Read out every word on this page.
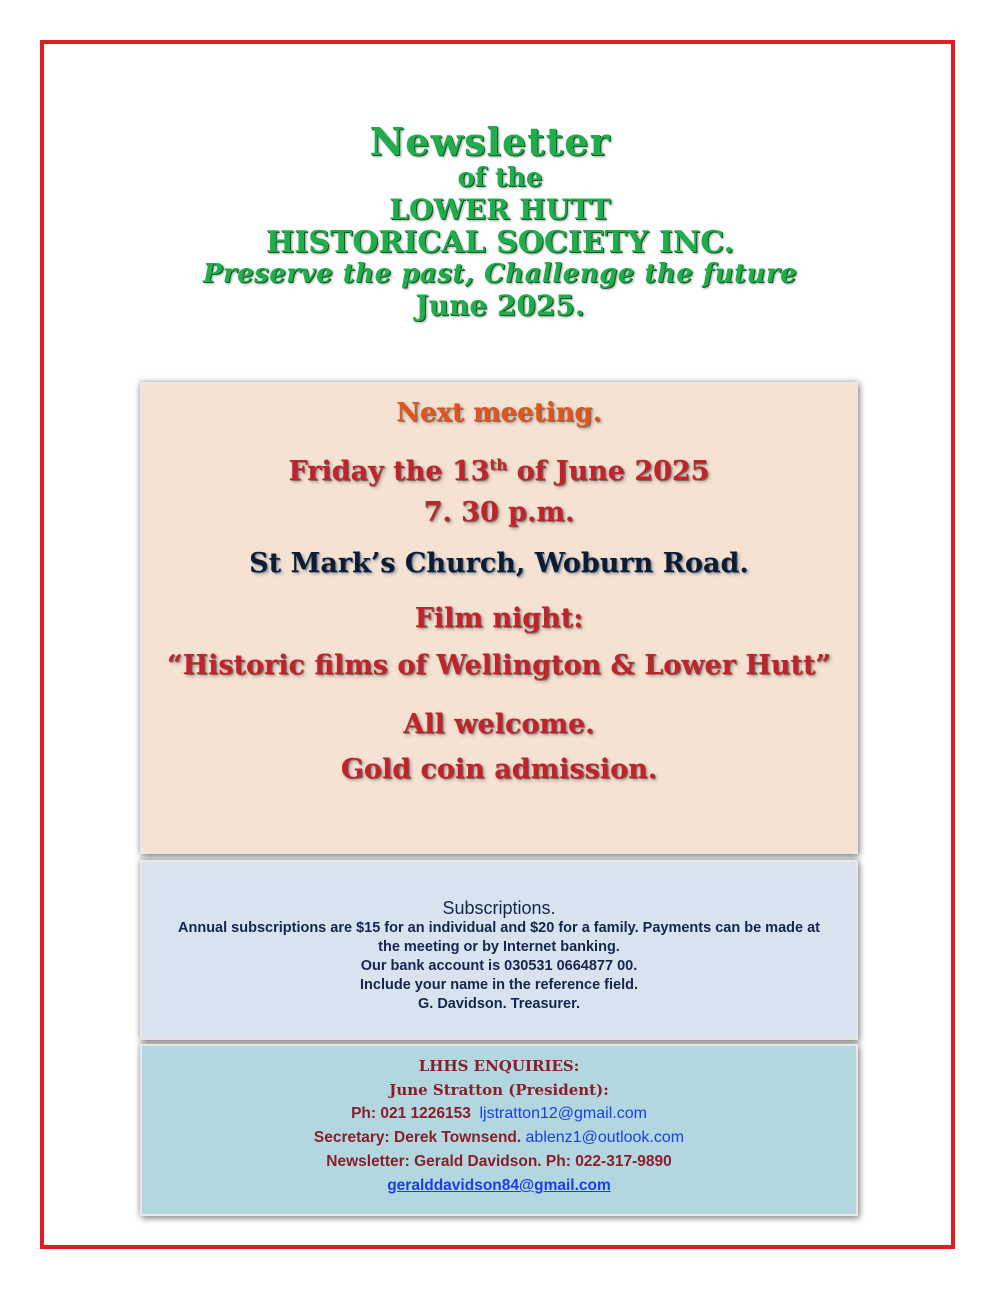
Newsletter

of the

LOWER HUTT

HISTORICAL SOCIETY INC.

Preserve the past, Challenge the future

June 2025.

Next meeting.

Friday the 13th of June 2025

7. 30 p.m.

St Mark’s Church, Woburn Road.

Film night:

“Historic films of Wellington & Lower Hutt”

All welcome.

Gold coin admission.

Subscriptions.
Annual subscriptions are $15 for an individual and $20 for a family. Payments can be made at the meeting or by Internet banking.
Our bank account is 030531 0664877 00.
Include your name in the reference field.
G. Davidson. Treasurer.
LHHS ENQUIRIES:
June Stratton (President):
Ph: 021 1226153 ljstratton12@gmail.com
Secretary: Derek Townsend. ablenz1@outlook.com
Newsletter: Gerald Davidson. Ph: 022-317-9890
geralddavidson84@gmail.com
